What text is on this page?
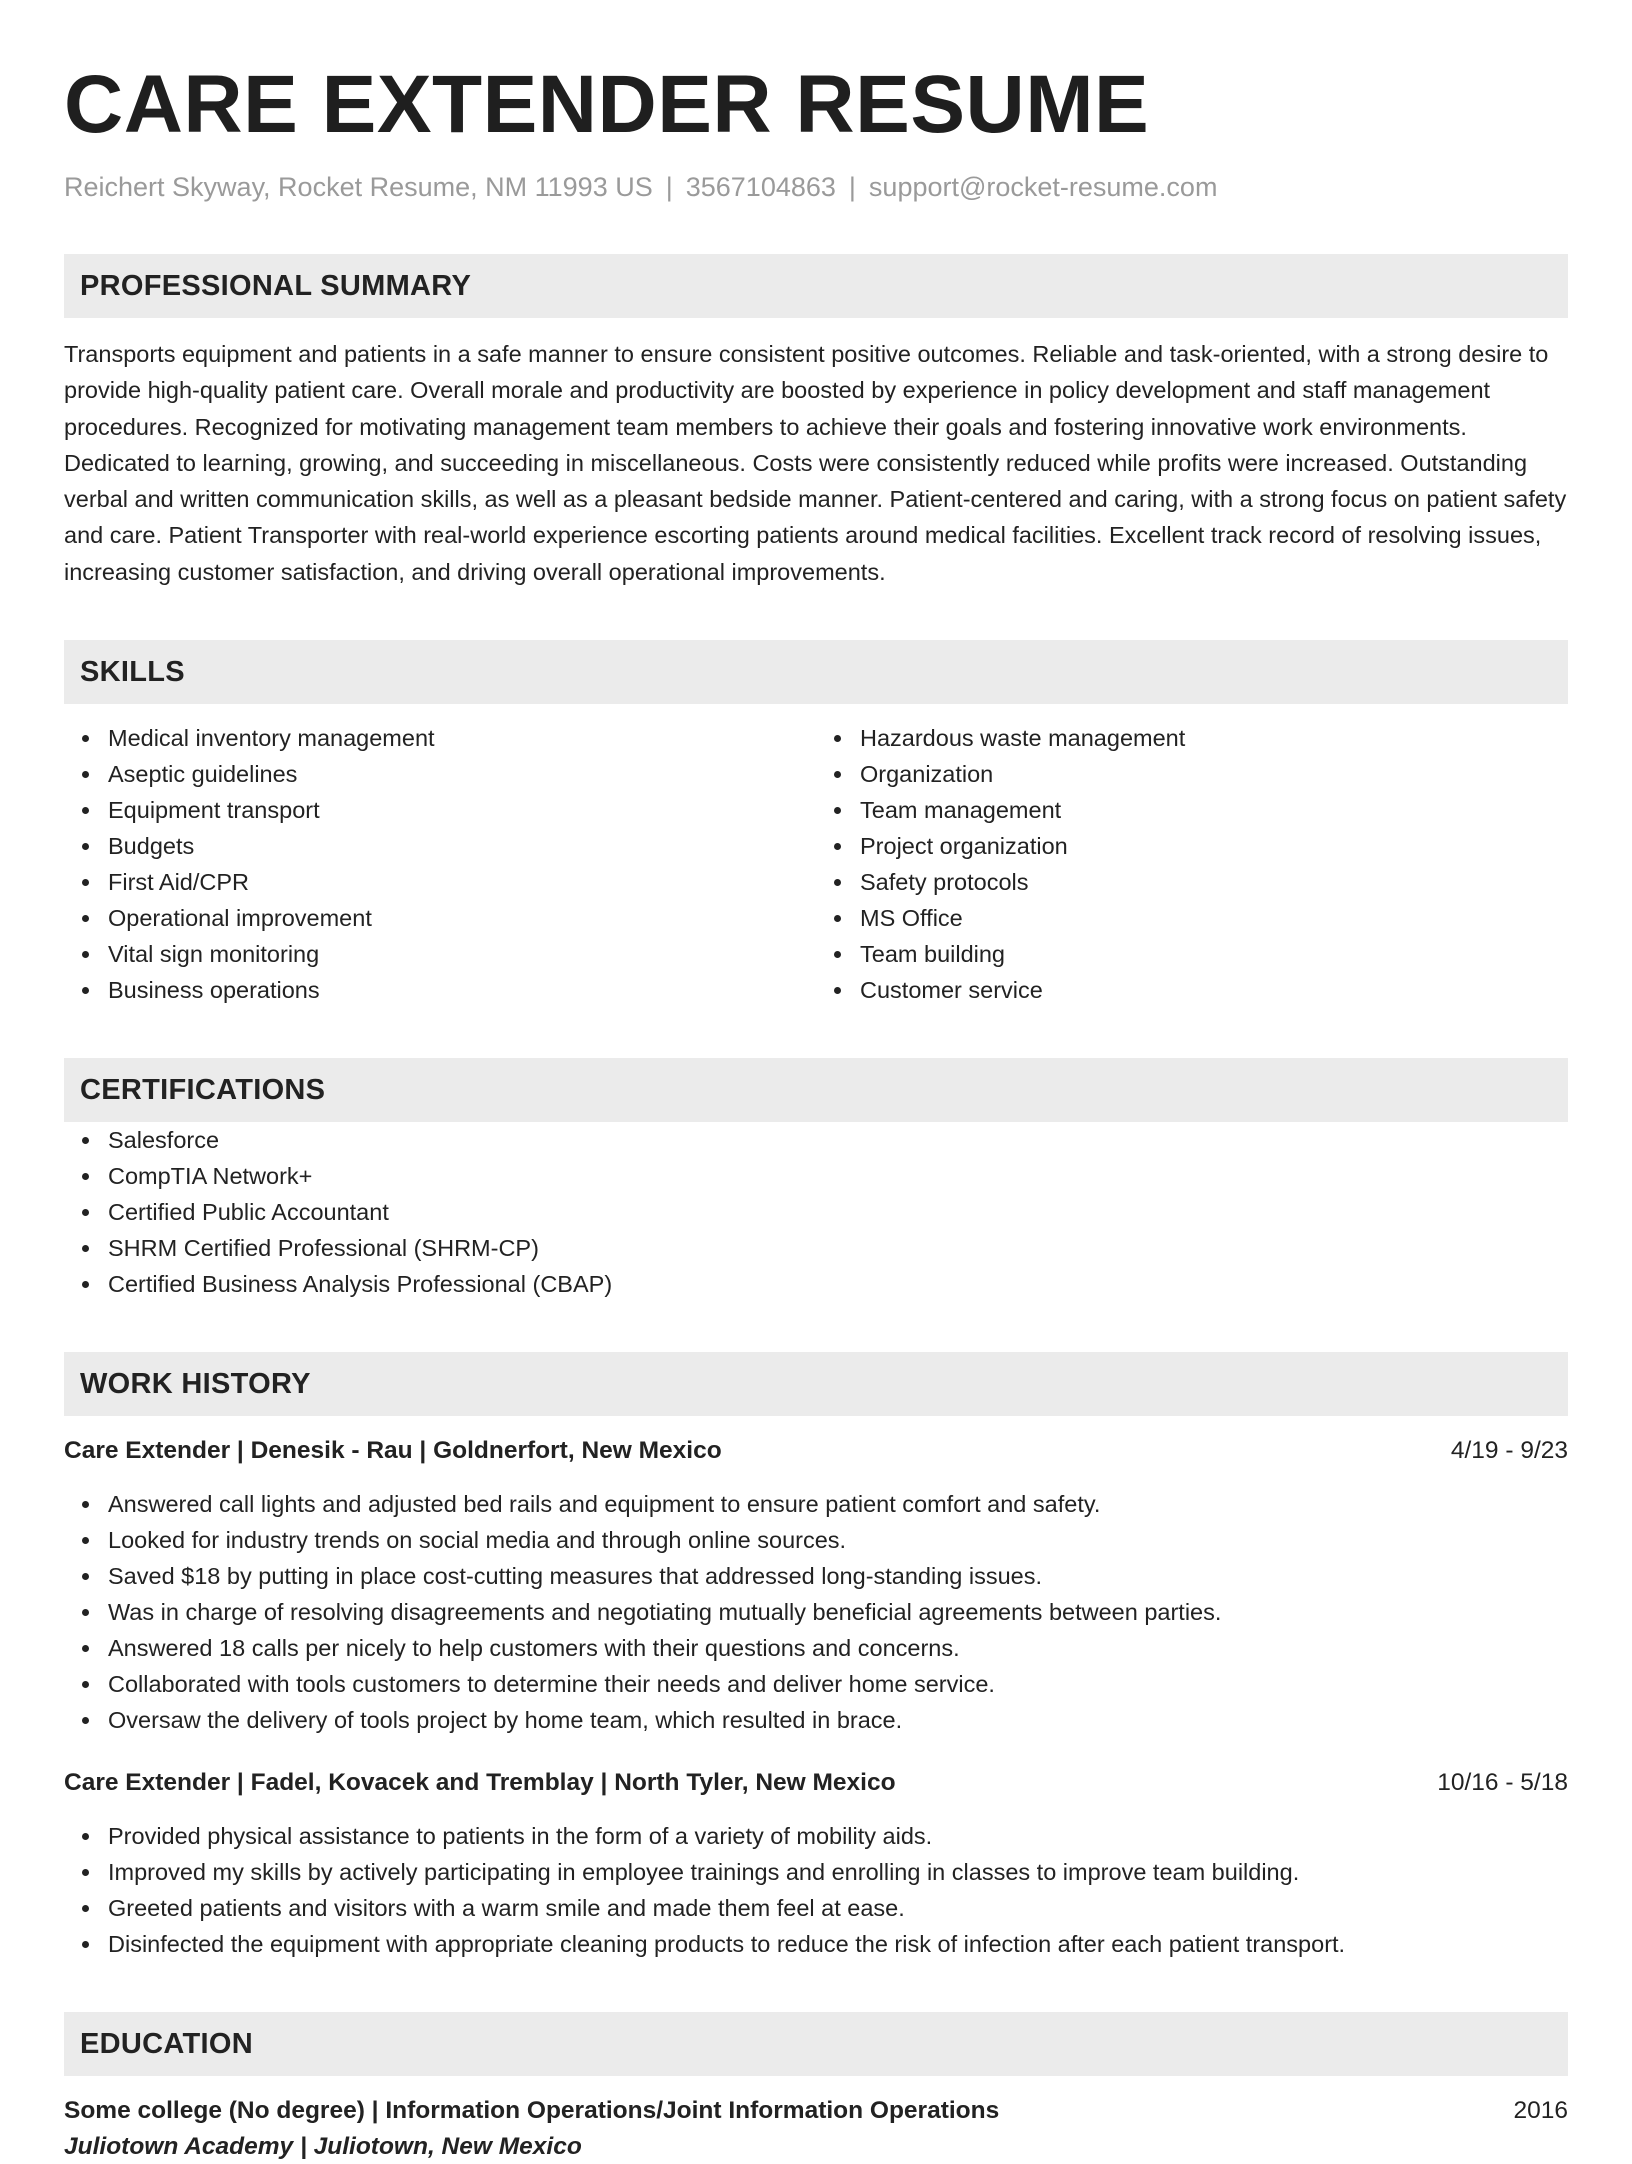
CARE EXTENDER RESUME
Reichert Skyway, Rocket Resume, NM 11993 US | 3567104863 | support@rocket-resume.com
PROFESSIONAL SUMMARY

Transports equipment and patients in a safe manner to ensure consistent positive outcomes. Reliable and task-oriented, with a strong desire to provide high-quality patient care. Overall morale and productivity are boosted by experience in policy development and staff management procedures. Recognized for motivating management team members to achieve their goals and fostering innovative work environments. Dedicated to learning, growing, and succeeding in miscellaneous. Costs were consistently reduced while profits were increased. Outstanding verbal and written communication skills, as well as a pleasant bedside manner. Patient-centered and caring, with a strong focus on patient safety and care. Patient Transporter with real-world experience escorting patients around medical facilities. Excellent track record of resolving issues, increasing customer satisfaction, and driving overall operational improvements.

SKILLS
Medical inventory management
Aseptic guidelines
Equipment transport
Budgets
First Aid/CPR
Operational improvement
Vital sign monitoring
Business operations
Hazardous waste management
Organization
Team management
Project organization
Safety protocols
MS Office
Team building
Customer service
CERTIFICATIONS
Salesforce
CompTIA Network+
Certified Public Accountant
SHRM Certified Professional (SHRM-CP)
Certified Business Analysis Professional (CBAP)
WORK HISTORY
Care Extender | Denesik - Rau | Goldnerfort, New Mexico	4/19 - 9/23
Answered call lights and adjusted bed rails and equipment to ensure patient comfort and safety.
Looked for industry trends on social media and through online sources.
Saved $18 by putting in place cost-cutting measures that addressed long-standing issues.
Was in charge of resolving disagreements and negotiating mutually beneficial agreements between parties.
Answered 18 calls per nicely to help customers with their questions and concerns.
Collaborated with tools customers to determine their needs and deliver home service.
Oversaw the delivery of tools project by home team, which resulted in brace.
Care Extender | Fadel, Kovacek and Tremblay | North Tyler, New Mexico	10/16 - 5/18
Provided physical assistance to patients in the form of a variety of mobility aids.
Improved my skills by actively participating in employee trainings and enrolling in classes to improve team building.
Greeted patients and visitors with a warm smile and made them feel at ease.
Disinfected the equipment with appropriate cleaning products to reduce the risk of infection after each patient transport.
EDUCATION
Some college (No degree) | Information Operations/Joint Information Operations	2016
Juliotown Academy | Juliotown, New Mexico
